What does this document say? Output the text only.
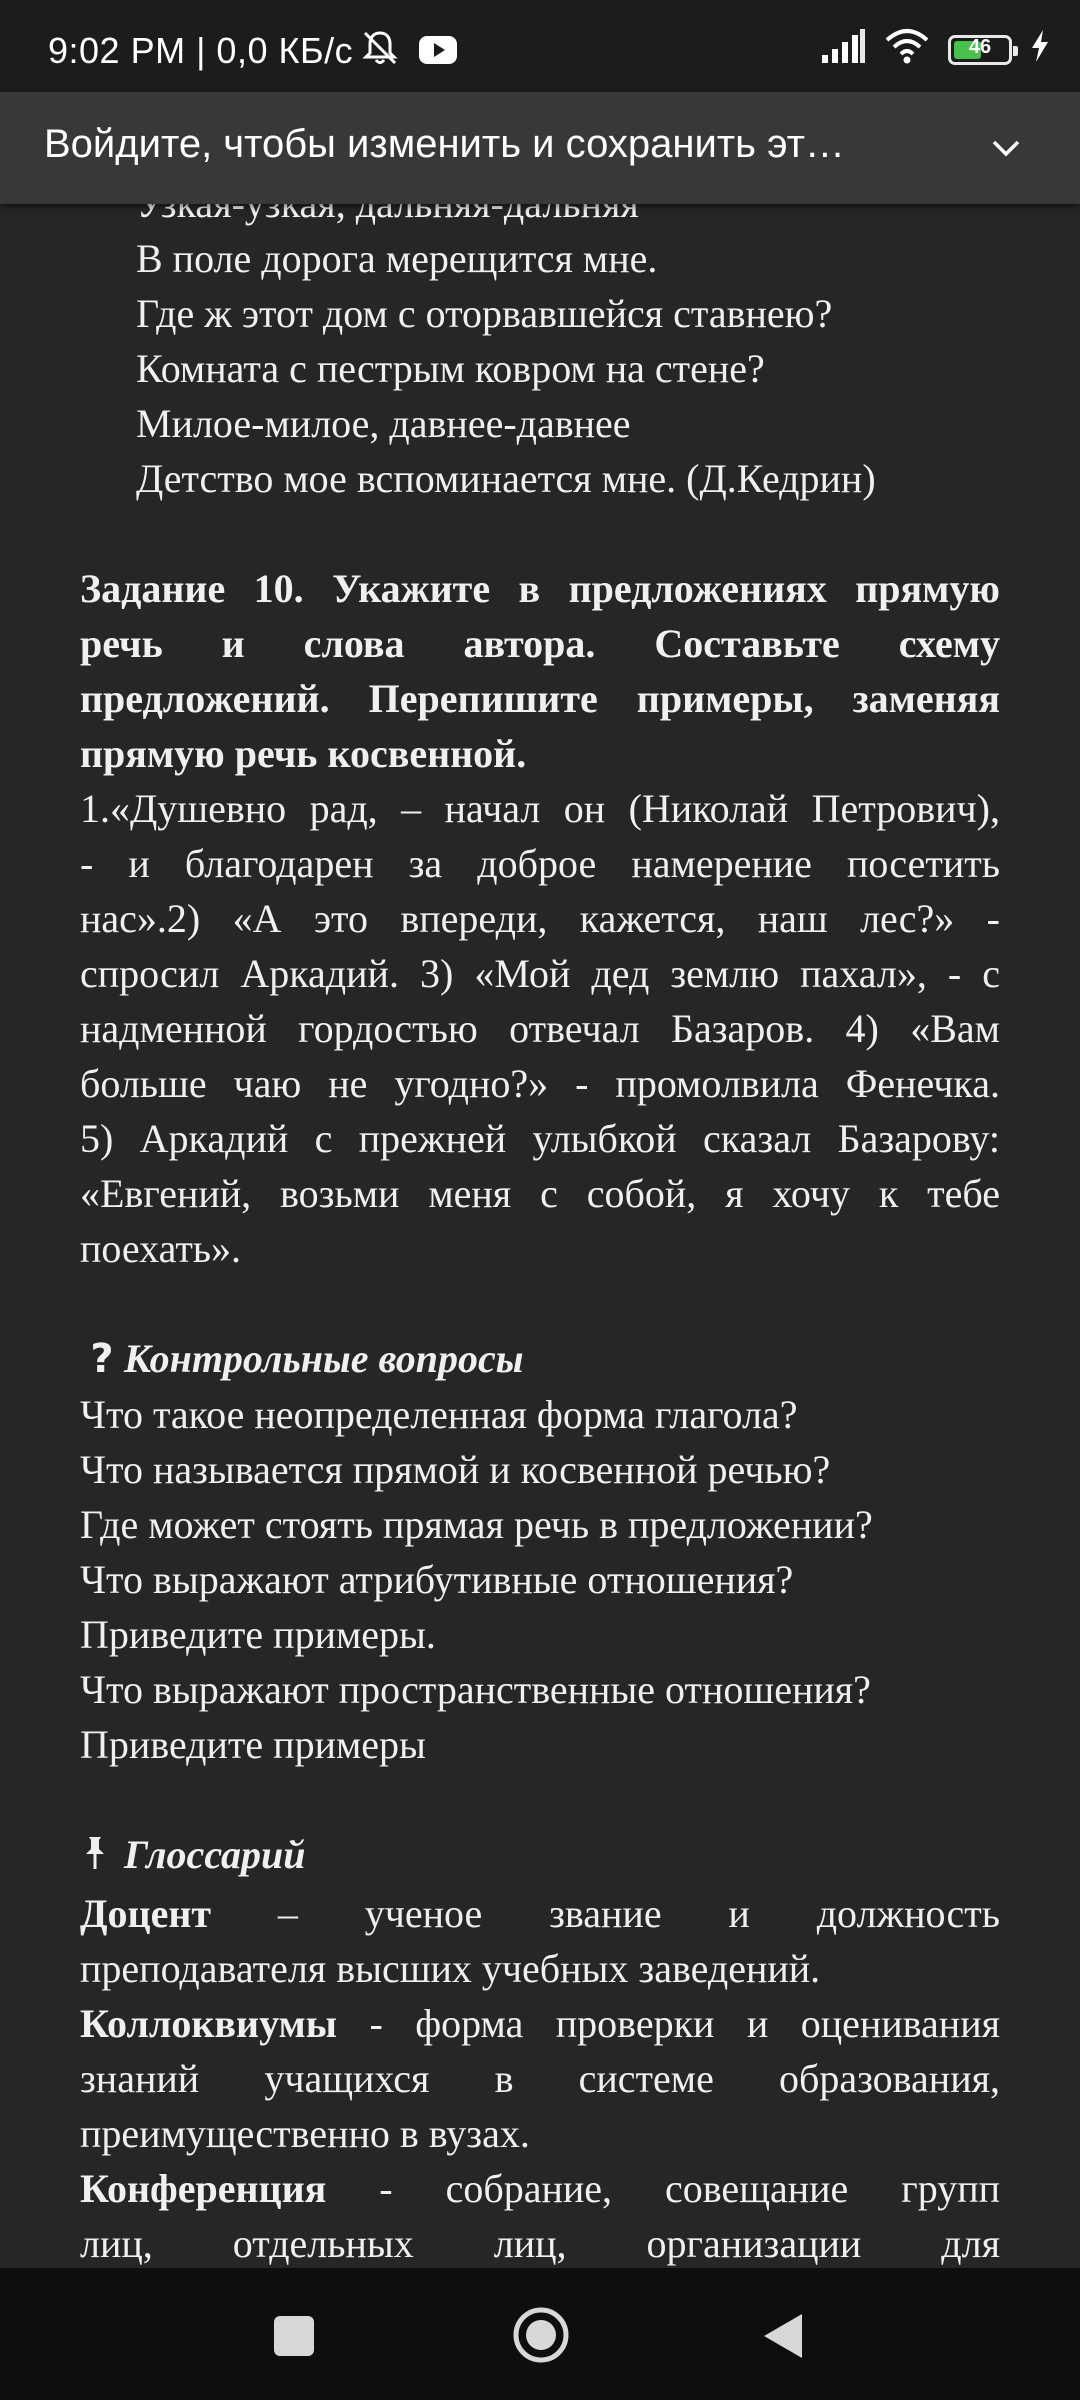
9:02 PM | 0,0 КБ/с	46
Войдите, чтобы изменить и сохранить эт…
В поле дорога мерещится мне.
Где ж этот дом с оторвавшейся ставнею?
Комната с пестрым ковром на стене?
Милое-милое, давнее-давнее
Детство мое вспоминается мне. (Д.Кедрин)
Задание 10. Укажите в предложениях прямую
речь и слова автора. Составьте схему
предложений. Перепишите примеры, заменяя
прямую речь косвенной.
1.«Душевно рад, – начал он (Николай Петрович),
- и благодарен за доброе намерение посетить
нас».2) «А это впереди, кажется, наш лес?» -
спросил Аркадий. 3) «Мой дед землю пахал», - с
надменной гордостью отвечал Базаров. 4) «Вам
больше чаю не угодно?» - промолвила Фенечка.
5) Аркадий с прежней улыбкой сказал Базарову:
«Евгений, возьми меня с собой, я хочу к тебе
поехать».
? Контрольные вопросы
Что такое неопределенная форма глагола?
Что называется прямой и косвенной речью?
Где может стоять прямая речь в предложении?
Что выражают атрибутивные отношения?
Приведите примеры.
Что выражают пространственные отношения?
Приведите примеры
Глоссарий
Доцент – ученое звание и должность
преподавателя высших учебных заведений.
Коллоквиумы - форма проверки и оценивания
знаний учащихся в системе образования,
преимущественно в вузах.
Конференция - собрание, совещание групп
лиц, отдельных лиц, организации для
